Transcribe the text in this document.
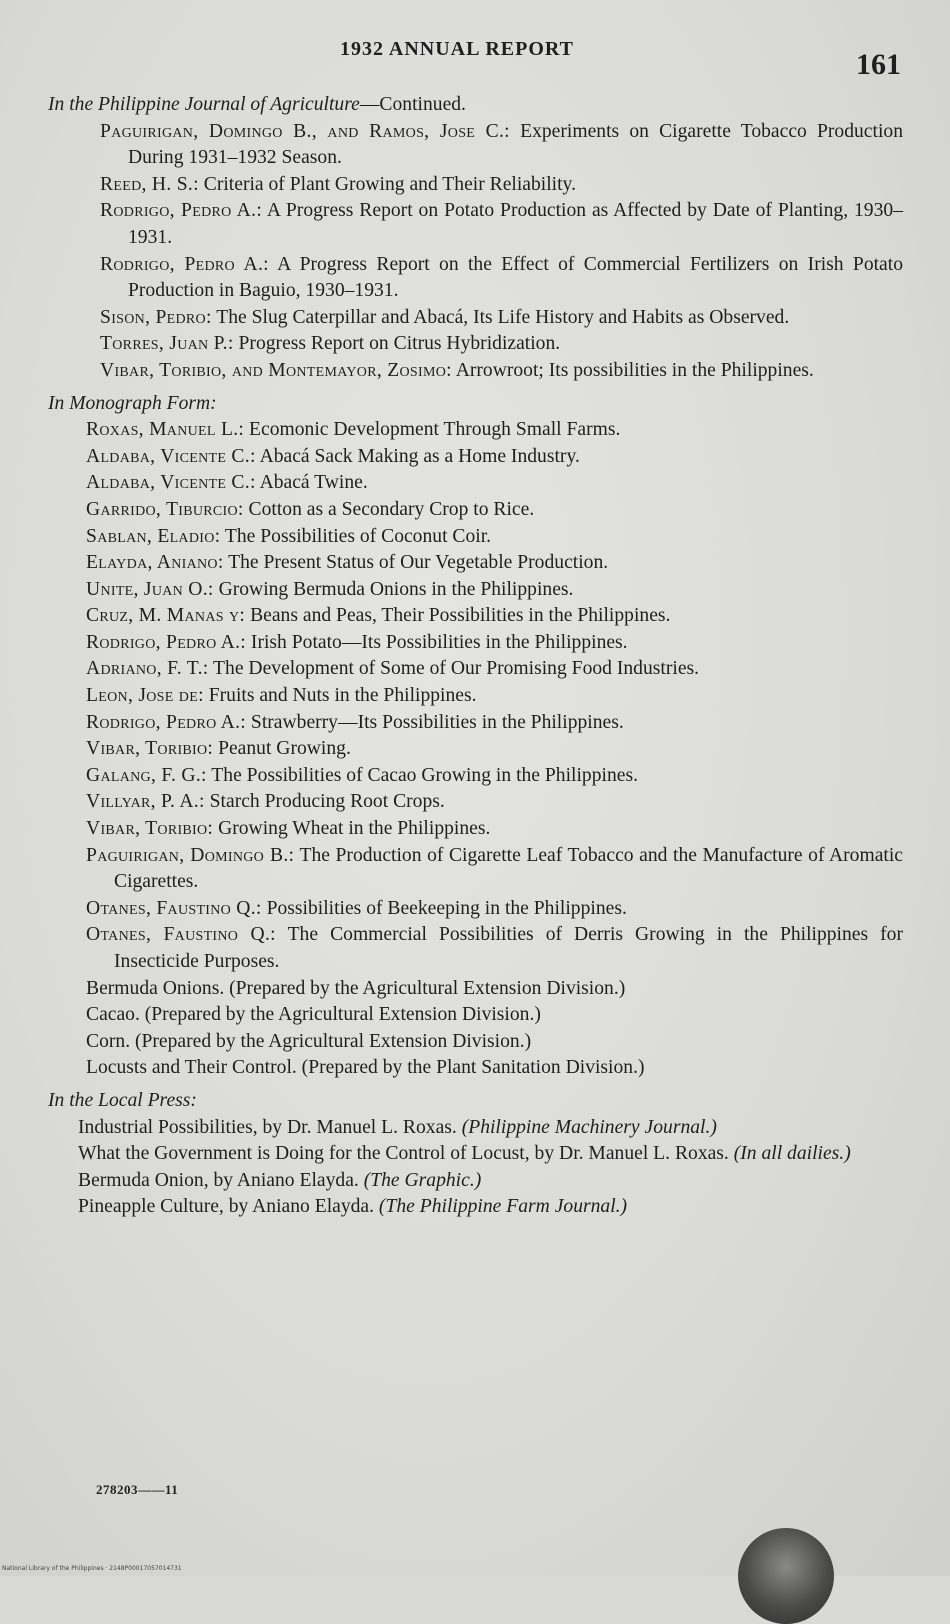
1932 ANNUAL REPORT	161

In the Philippine Journal of Agriculture—Continued.

Paguirigan, Domingo B., and Ramos, Jose C.: Experiments on Cigarette Tobacco Production During 1931–1932 Season.

Reed, H. S.: Criteria of Plant Growing and Their Reliability.

Rodrigo, Pedro A.: A Progress Report on Potato Production as Affected by Date of Planting, 1930–1931.

Rodrigo, Pedro A.: A Progress Report on the Effect of Commercial Fertilizers on Irish Potato Production in Baguio, 1930–1931.

Sison, Pedro: The Slug Caterpillar and Abacá, Its Life History and Habits as Observed.

Torres, Juan P.: Progress Report on Citrus Hybridization.

Vibar, Toribio, and Montemayor, Zosimo: Arrowroot; Its possibilities in the Philippines.

In Monograph Form:

Roxas, Manuel L.: Ecomonic Development Through Small Farms.

Aldaba, Vicente C.: Abacá Sack Making as a Home Industry.

Aldaba, Vicente C.: Abacá Twine.

Garrido, Tiburcio: Cotton as a Secondary Crop to Rice.

Sablan, Eladio: The Possibilities of Coconut Coir.

Elayda, Aniano: The Present Status of Our Vegetable Production.

Unite, Juan O.: Growing Bermuda Onions in the Philippines.

Cruz, M. Manas y: Beans and Peas, Their Possibilities in the Philippines.

Rodrigo, Pedro A.: Irish Potato—Its Possibilities in the Philippines.

Adriano, F. T.: The Development of Some of Our Promising Food Industries.

Leon, Jose de: Fruits and Nuts in the Philippines.

Rodrigo, Pedro A.: Strawberry—Its Possibilities in the Philippines.

Vibar, Toribio: Peanut Growing.

Galang, F. G.: The Possibilities of Cacao Growing in the Philippines.

Villyar, P. A.: Starch Producing Root Crops.

Vibar, Toribio: Growing Wheat in the Philippines.

Paguirigan, Domingo B.: The Production of Cigarette Leaf Tobacco and the Manufacture of Aromatic Cigarettes.

Otanes, Faustino Q.: Possibilities of Beekeeping in the Philippines.

Otanes, Faustino Q.: The Commercial Possibilities of Derris Growing in the Philippines for Insecticide Purposes.

Bermuda Onions. (Prepared by the Agricultural Extension Division.)

Cacao. (Prepared by the Agricultural Extension Division.)

Corn. (Prepared by the Agricultural Extension Division.)

Locusts and Their Control. (Prepared by the Plant Sanitation Division.)

In the Local Press:

Industrial Possibilities, by Dr. Manuel L. Roxas. (Philippine Machinery Journal.)

What the Government is Doing for the Control of Locust, by Dr. Manuel L. Roxas. (In all dailies.)

Bermuda Onion, by Aniano Elayda. (The Graphic.)

Pineapple Culture, by Aniano Elayda. (The Philippine Farm Journal.)

278203——11
National Library of the Philippines · 2148P00017057014731
